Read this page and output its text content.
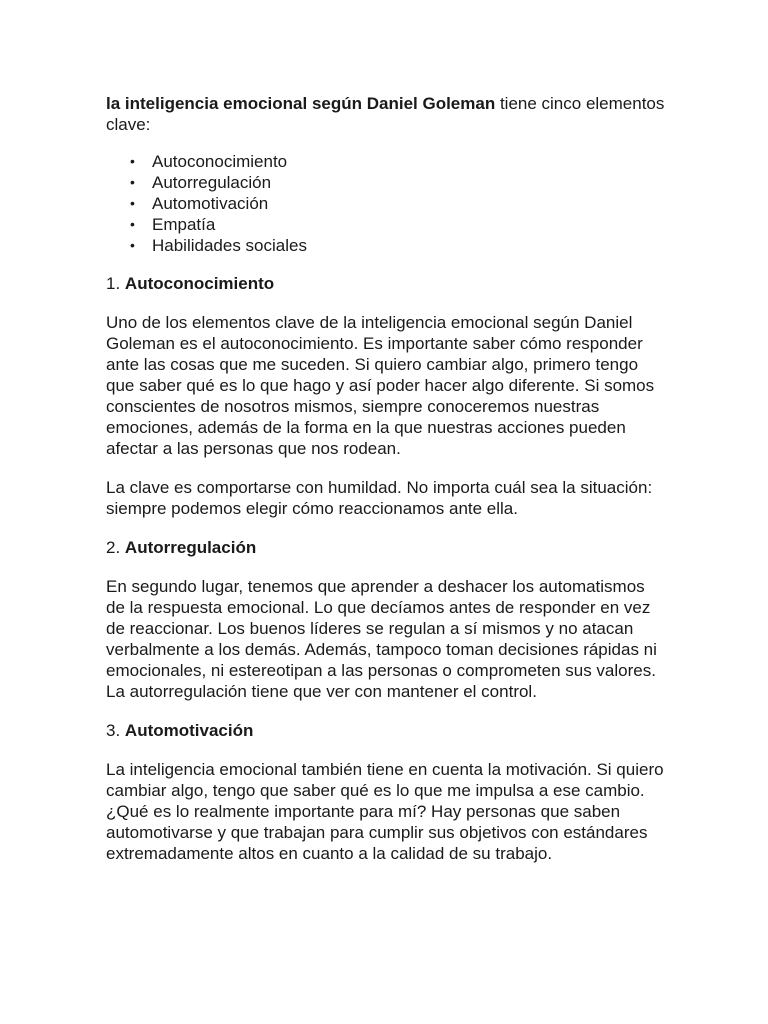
la inteligencia emocional según Daniel Goleman tiene cinco elementos clave:

• Autoconocimiento
• Autorregulación
• Automotivación
• Empatía
• Habilidades sociales

1. Autoconocimiento

Uno de los elementos clave de la inteligencia emocional según Daniel Goleman es el autoconocimiento. Es importante saber cómo responder ante las cosas que me suceden. Si quiero cambiar algo, primero tengo que saber qué es lo que hago y así poder hacer algo diferente. Si somos conscientes de nosotros mismos, siempre conoceremos nuestras emociones, además de la forma en la que nuestras acciones pueden afectar a las personas que nos rodean.

La clave es comportarse con humildad. No importa cuál sea la situación: siempre podemos elegir cómo reaccionamos ante ella.

2. Autorregulación

En segundo lugar, tenemos que aprender a deshacer los automatismos de la respuesta emocional. Lo que decíamos antes de responder en vez de reaccionar. Los buenos líderes se regulan a sí mismos y no atacan verbalmente a los demás. Además, tampoco toman decisiones rápidas ni emocionales, ni estereotipan a las personas o comprometen sus valores. La autorregulación tiene que ver con mantener el control.

3. Automotivación

La inteligencia emocional también tiene en cuenta la motivación. Si quiero cambiar algo, tengo que saber qué es lo que me impulsa a ese cambio. ¿Qué es lo realmente importante para mí? Hay personas que saben automotivarse y que trabajan para cumplir sus objetivos con estándares extremadamente altos en cuanto a la calidad de su trabajo.
